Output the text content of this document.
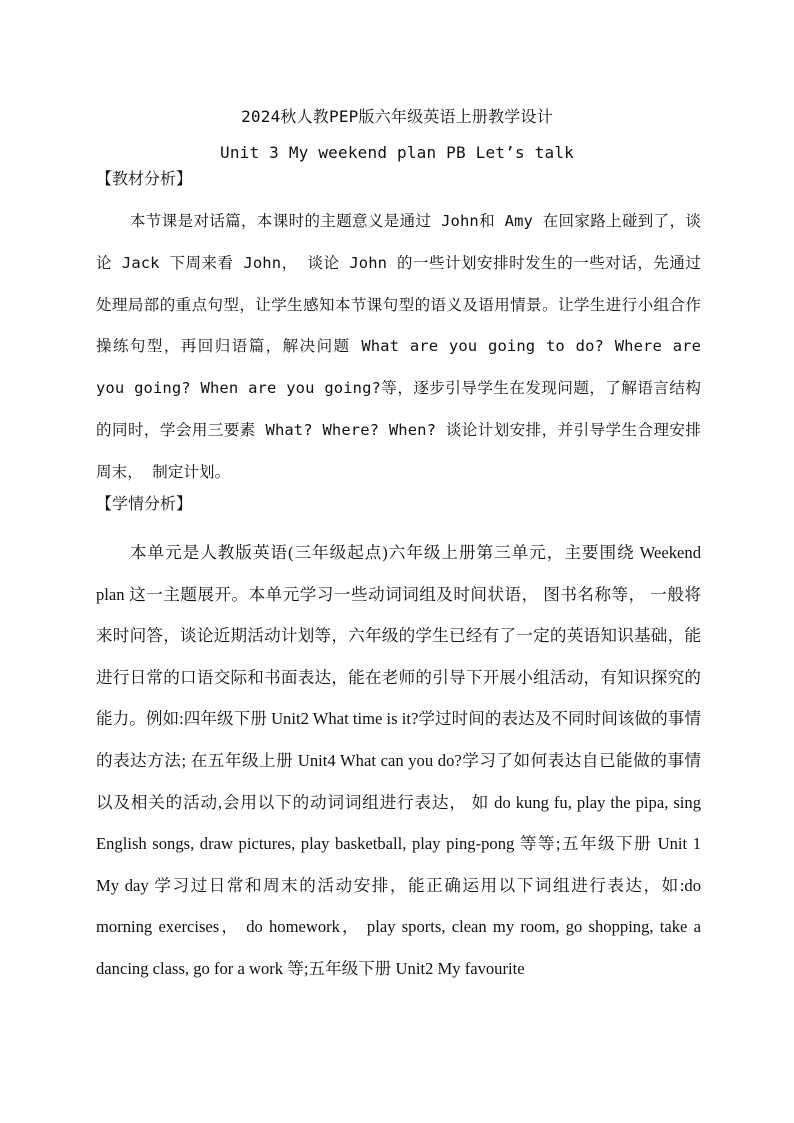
2024秋人教PEP版六年级英语上册教学设计
Unit 3 My weekend plan PB Let’s talk
【教材分析】

本节课是对话篇，本课时的主题意义是通过 John和 Amy 在回家路上碰到了，谈论 Jack 下周来看 John， 谈论 John 的一些计划安排时发生的一些对话，先通过处理局部的重点句型，让学生感知本节课句型的语义及语用情景。让学生进行小组合作操练句型，再回归语篇，解决问题 What are you going to do? Where are you going? When are you going?等，逐步引导学生在发现问题，了解语言结构的同时，学会用三要素 What? Where? When? 谈论计划安排，并引导学生合理安排周末， 制定计划。

【学情分析】

本单元是人教版英语(三年级起点)六年级上册第三单元，主要围绕 Weekend plan 这一主题展开。本单元学习一些动词词组及时间状语， 图书名称等， 一般将来时问答，谈论近期活动计划等，六年级的学生已经有了一定的英语知识基础，能进行日常的口语交际和书面表达，能在老师的引导下开展小组活动，有知识探究的能力。例如:四年级下册 Unit2 What time is it?学过时间的表达及不同时间该做的事情的表达方法; 在五年级上册 Unit4 What can you do?学习了如何表达自已能做的事情以及相关的活动,会用以下的动词词组进行表达， 如 do kung fu, play the pipa, sing English songs, draw pictures, play basketball, play ping-pong 等等;五年级下册 Unit 1 My day 学习过日常和周末的活动安排，能正确运用以下词组进行表达，如:do morning exercises， do homework， play sports, clean my room, go shopping, take a dancing class, go for a work 等;五年级下册 Unit2 My favourite
